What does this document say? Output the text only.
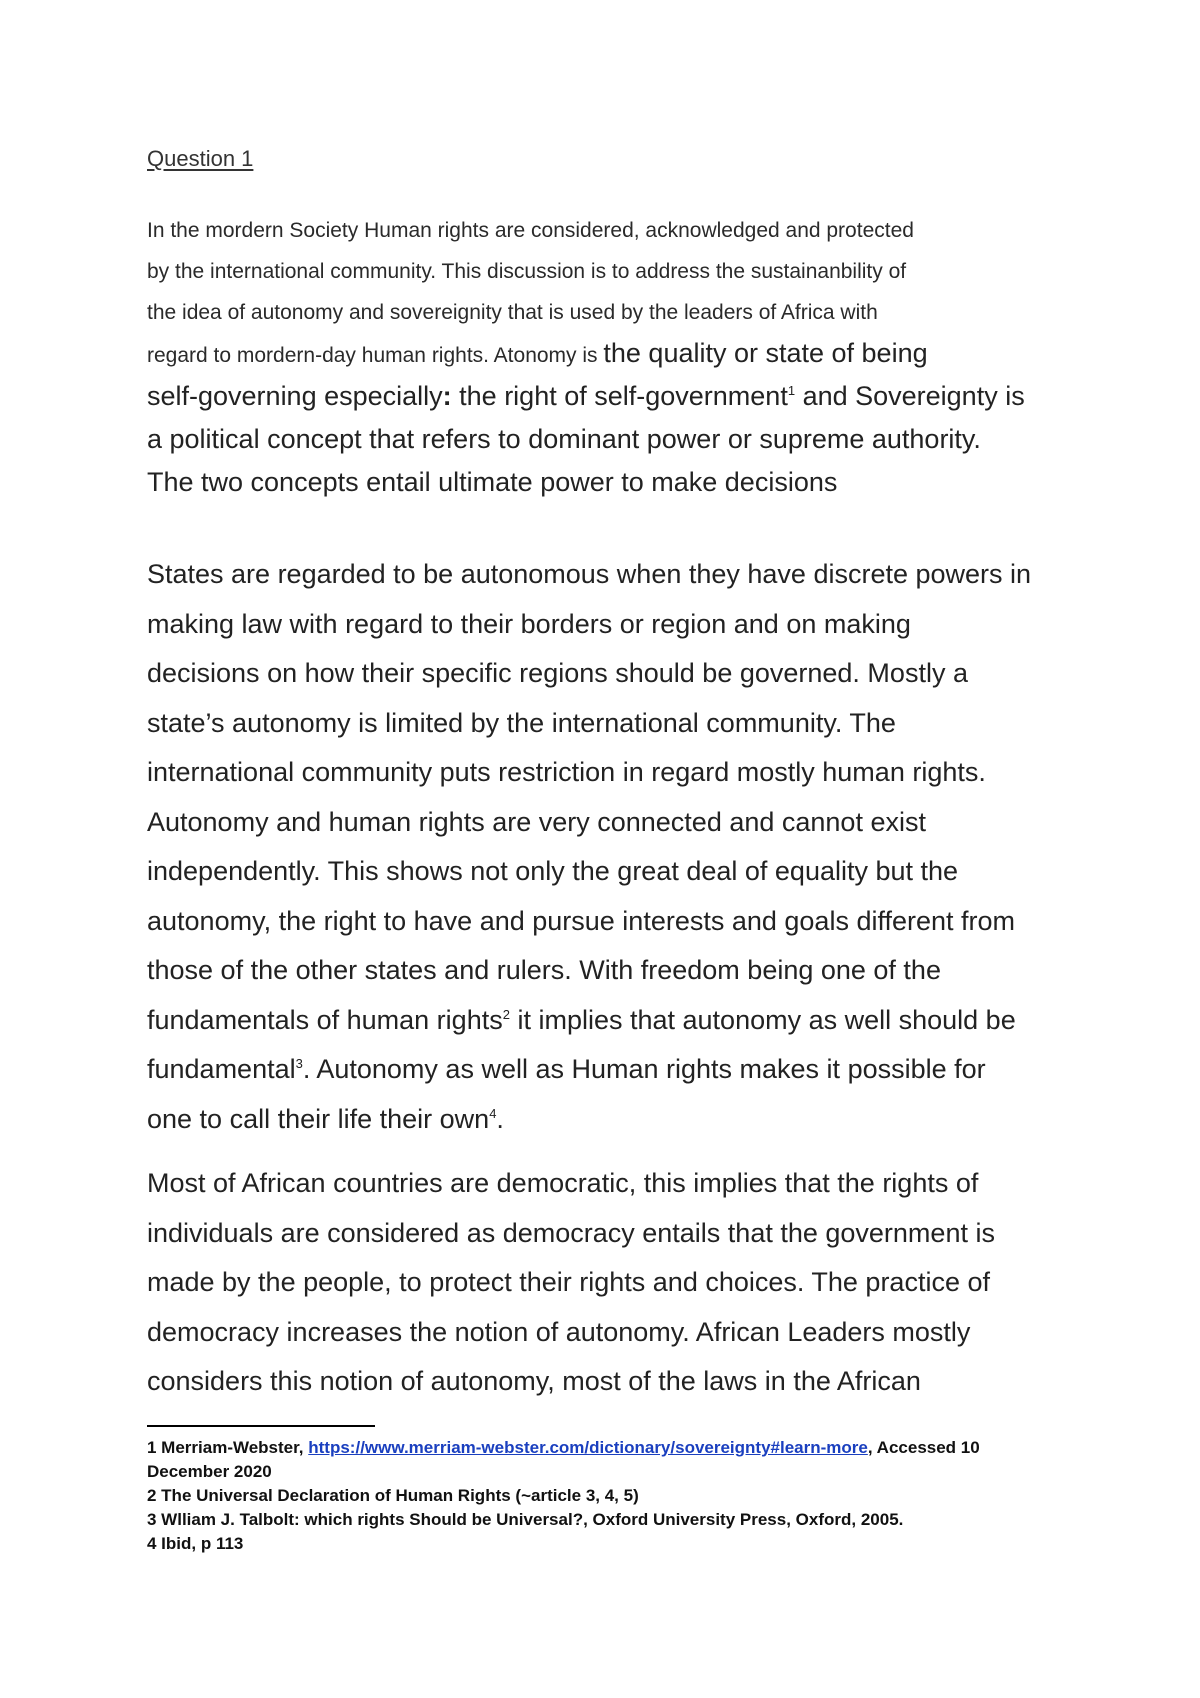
Question 1

In the mordern Society Human rights are considered, acknowledged and protected
by the international community. This discussion is to address the sustainanbility of
the idea of autonomy and sovereignity that is used by the leaders of Africa with
regard to mordern-day human rights. Atonomy is the quality or state of being
self-governing especially: the right of self-government$^1$ and Sovereignty is
a political concept that refers to dominant power or supreme authority.
The two concepts entail ultimate power to make decisions

States are regarded to be autonomous when they have discrete powers in
making law with regard to their borders or region and on making
decisions on how their specific regions should be governed. Mostly a
state’s autonomy is limited by the international community. The
international community puts restriction in regard mostly human rights.
Autonomy and human rights are very connected and cannot exist
independently. This shows not only the great deal of equality but the
autonomy, the right to have and pursue interests and goals different from
those of the other states and rulers. With freedom being one of the
fundamentals of human rights$^2$ it implies that autonomy as well should be
fundamental$^3$. Autonomy as well as Human rights makes it possible for
one to call their life their own$^4$.

Most of African countries are democratic, this implies that the rights of
individuals are considered as democracy entails that the government is
made by the people, to protect their rights and choices. The practice of
democracy increases the notion of autonomy. African Leaders mostly
considers this notion of autonomy, most of the laws in the African

1 Merriam-Webster, https://www.merriam-webster.com/dictionary/sovereignty#learn-more, Accessed 10
December 2020
2 The Universal Declaration of Human Rights (~article 3, 4, 5)
3 Wlliam J. Talbolt: which rights Should be Universal?, Oxford University Press, Oxford, 2005.
4 Ibid, p 113
